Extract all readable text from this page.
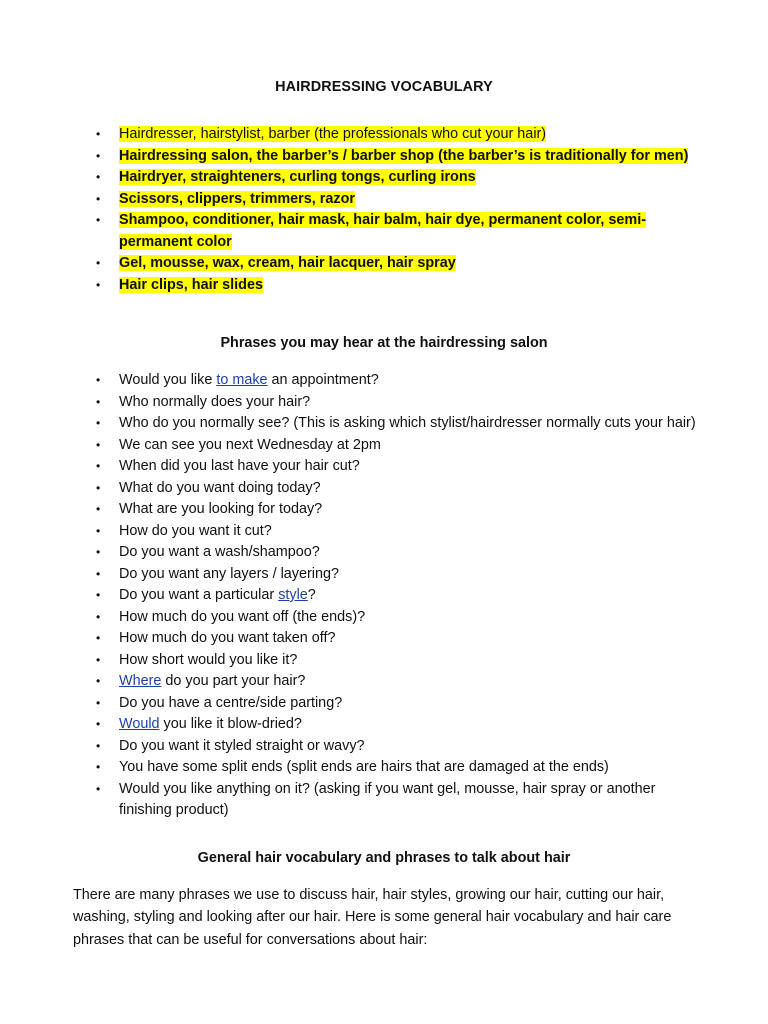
HAIRDRESSING VOCABULARY
• Hairdresser, hairstylist, barber (the professionals who cut your hair)
• Hairdressing salon, the barber’s / barber shop (the barber’s is traditionally for men)
• Hairdryer, straighteners, curling tongs, curling irons
• Scissors, clippers, trimmers, razor
• Shampoo, conditioner, hair mask, hair balm, hair dye, permanent color, semi-permanent color
• Gel, mousse, wax, cream, hair lacquer, hair spray
• Hair clips, hair slides
Phrases you may hear at the hairdressing salon
• Would you like to make an appointment?
• Who normally does your hair?
• Who do you normally see? (This is asking which stylist/hairdresser normally cuts your hair)
• We can see you next Wednesday at 2pm
• When did you last have your hair cut?
• What do you want doing today?
• What are you looking for today?
• How do you want it cut?
• Do you want a wash/shampoo?
• Do you want any layers / layering?
• Do you want a particular style?
• How much do you want off (the ends)?
• How much do you want taken off?
• How short would you like it?
• Where do you part your hair?
• Do you have a centre/side parting?
• Would you like it blow-dried?
• Do you want it styled straight or wavy?
• You have some split ends (split ends are hairs that are damaged at the ends)
• Would you like anything on it? (asking if you want gel, mousse, hair spray or another finishing product)
General hair vocabulary and phrases to talk about hair
There are many phrases we use to discuss hair, hair styles, growing our hair, cutting our hair, washing, styling and looking after our hair. Here is some general hair vocabulary and hair care phrases that can be useful for conversations about hair:
